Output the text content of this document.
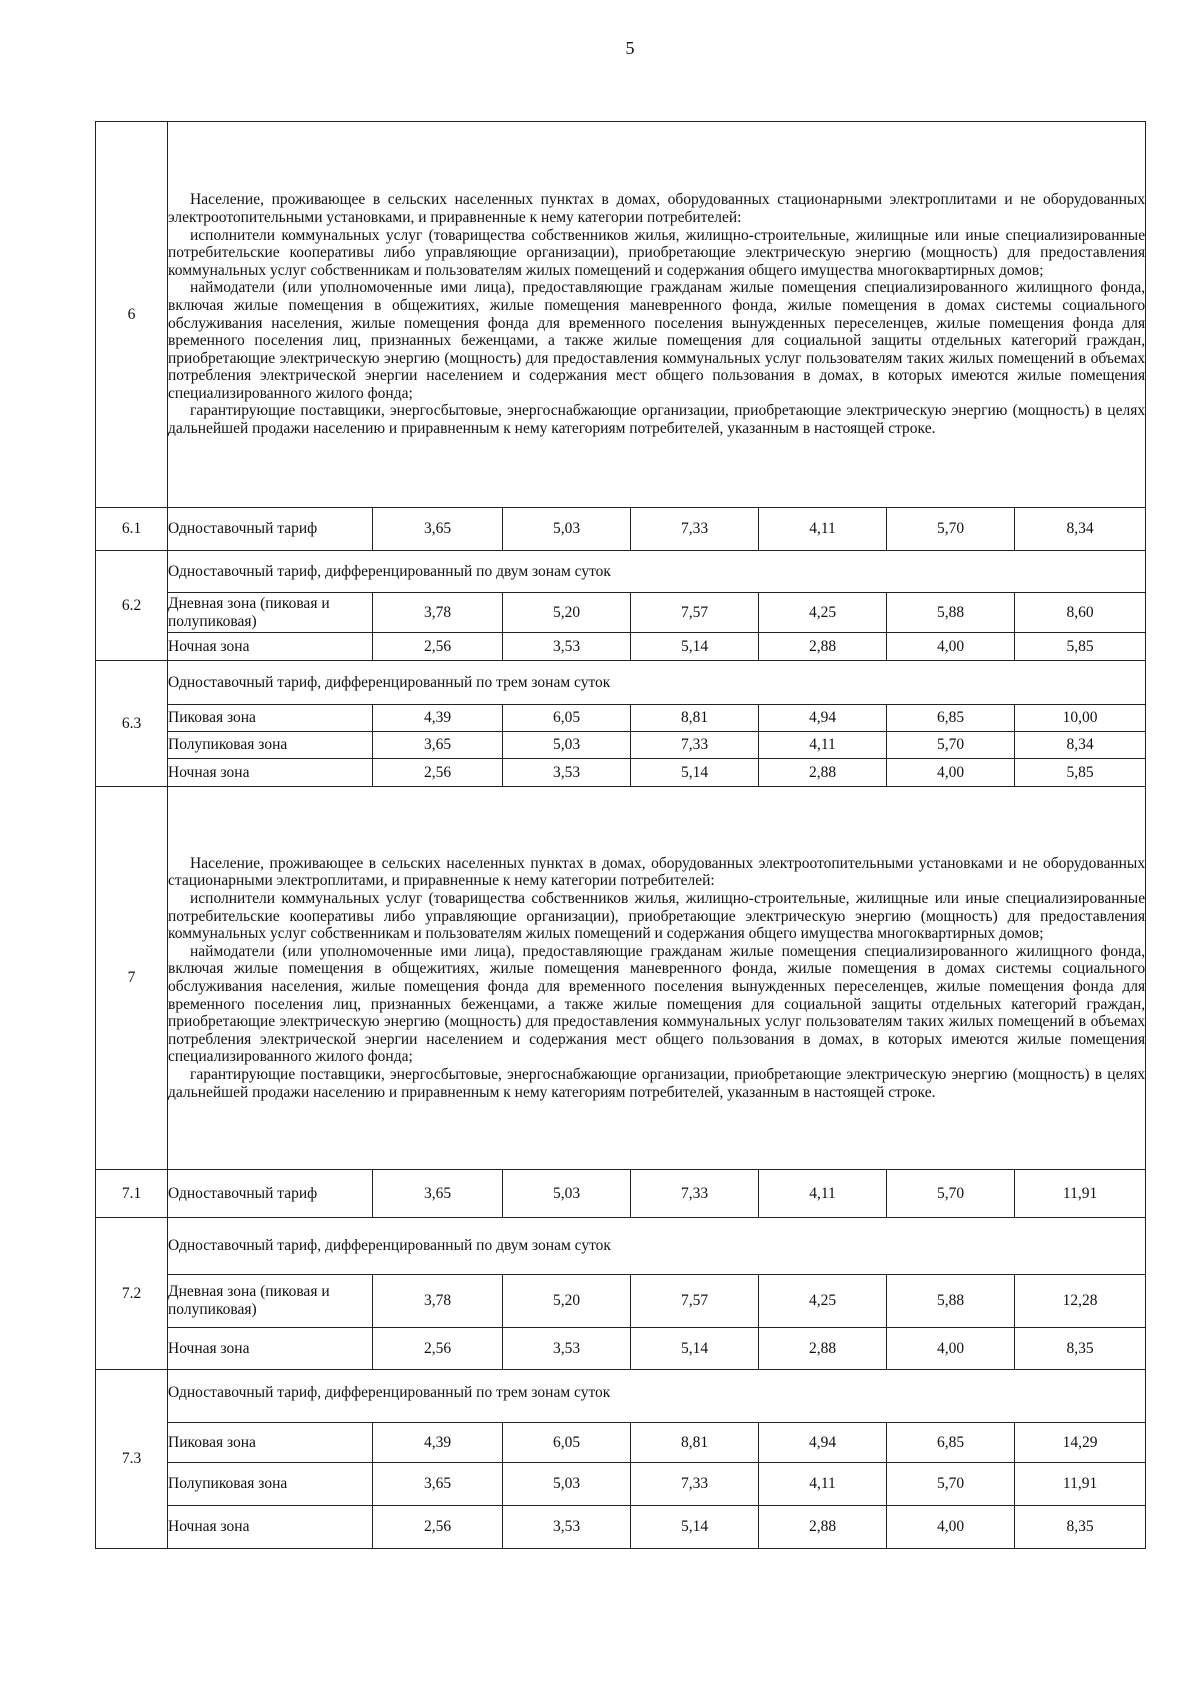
5
6	Население, проживающее в сельских населенных пунктах в домах, оборудованных стационарными электроплитами и не оборудованных электроотопительными установками, и приравненные к нему категории потребителей:

исполнители коммунальных услуг (товарищества собственников жилья, жилищно-строительные, жилищные или иные специализированные потребительские кооперативы либо управляющие организации), приобретающие электрическую энергию (мощность) для предоставления коммунальных услуг собственникам и пользователям жилых помещений и содержания общего имущества многоквартирных домов;

наймодатели (или уполномоченные ими лица), предоставляющие гражданам жилые помещения специализированного жилищного фонда, включая жилые помещения в общежитиях, жилые помещения маневренного фонда, жилые помещения в домах системы социального обслуживания населения, жилые помещения фонда для временного поселения вынужденных переселенцев, жилые помещения фонда для временного поселения лиц, признанных беженцами, а также жилые помещения для социальной защиты отдельных категорий граждан, приобретающие электрическую энергию (мощность) для предоставления коммунальных услуг пользователям таких жилых помещений в объемах потребления электрической энергии населением и содержания мест общего пользования в домах, в которых имеются жилые помещения специализированного жилого фонда;

гарантирующие поставщики, энергосбытовые, энергоснабжающие организации, приобретающие электрическую энергию (мощность) в целях дальнейшей продажи населению и приравненным к нему категориям потребителей, указанным в настоящей строке.						

6.1	Одноставочный тариф	3,65	5,03	7,33	4,11	5,70	8,34
6.2	Одноставочный тариф, дифференцированный по двум зонам суток						
	Дневная зона (пиковая и полупиковая)	3,78	5,20	7,57	4,25	5,88	8,60
	Ночная зона	2,56	3,53	5,14	2,88	4,00	5,85
6.3	Одноставочный тариф, дифференцированный по трем зонам суток						
	Пиковая зона	4,39	6,05	8,81	4,94	6,85	10,00
	Полупиковая зона	3,65	5,03	7,33	4,11	5,70	8,34
	Ночная зона	2,56	3,53	5,14	2,88	4,00	5,85
7	Население, проживающее в сельских населенных пунктах в домах, оборудованных электроотопительными установками и не оборудованных стационарными электроплитами, и приравненные к нему категории потребителей:

исполнители коммунальных услуг (товарищества собственников жилья, жилищно-строительные, жилищные или иные специализированные потребительские кооперативы либо управляющие организации), приобретающие электрическую энергию (мощность) для предоставления коммунальных услуг собственникам и пользователям жилых помещений и содержания общего имущества многоквартирных домов;

наймодатели (или уполномоченные ими лица), предоставляющие гражданам жилые помещения специализированного жилищного фонда, включая жилые помещения в общежитиях, жилые помещения маневренного фонда, жилые помещения в домах системы социального обслуживания населения, жилые помещения фонда для временного поселения вынужденных переселенцев, жилые помещения фонда для временного поселения лиц, признанных беженцами, а также жилые помещения для социальной защиты отдельных категорий граждан, приобретающие электрическую энергию (мощность) для предоставления коммунальных услуг пользователям таких жилых помещений в объемах потребления электрической энергии населением и содержания мест общего пользования в домах, в которых имеются жилые помещения специализированного жилого фонда;

гарантирующие поставщики, энергосбытовые, энергоснабжающие организации, приобретающие электрическую энергию (мощность) в целях дальнейшей продажи населению и приравненным к нему категориям потребителей, указанным в настоящей строке.						

7.1	Одноставочный тариф	3,65	5,03	7,33	4,11	5,70	11,91
7.2	Одноставочный тариф, дифференцированный по двум зонам суток						
	Дневная зона (пиковая и полупиковая)	3,78	5,20	7,57	4,25	5,88	12,28
	Ночная зона	2,56	3,53	5,14	2,88	4,00	8,35
7.3	Одноставочный тариф, дифференцированный по трем зонам суток						
	Пиковая зона	4,39	6,05	8,81	4,94	6,85	14,29
	Полупиковая зона	3,65	5,03	7,33	4,11	5,70	11,91
	Ночная зона	2,56	3,53	5,14	2,88	4,00	8,35
